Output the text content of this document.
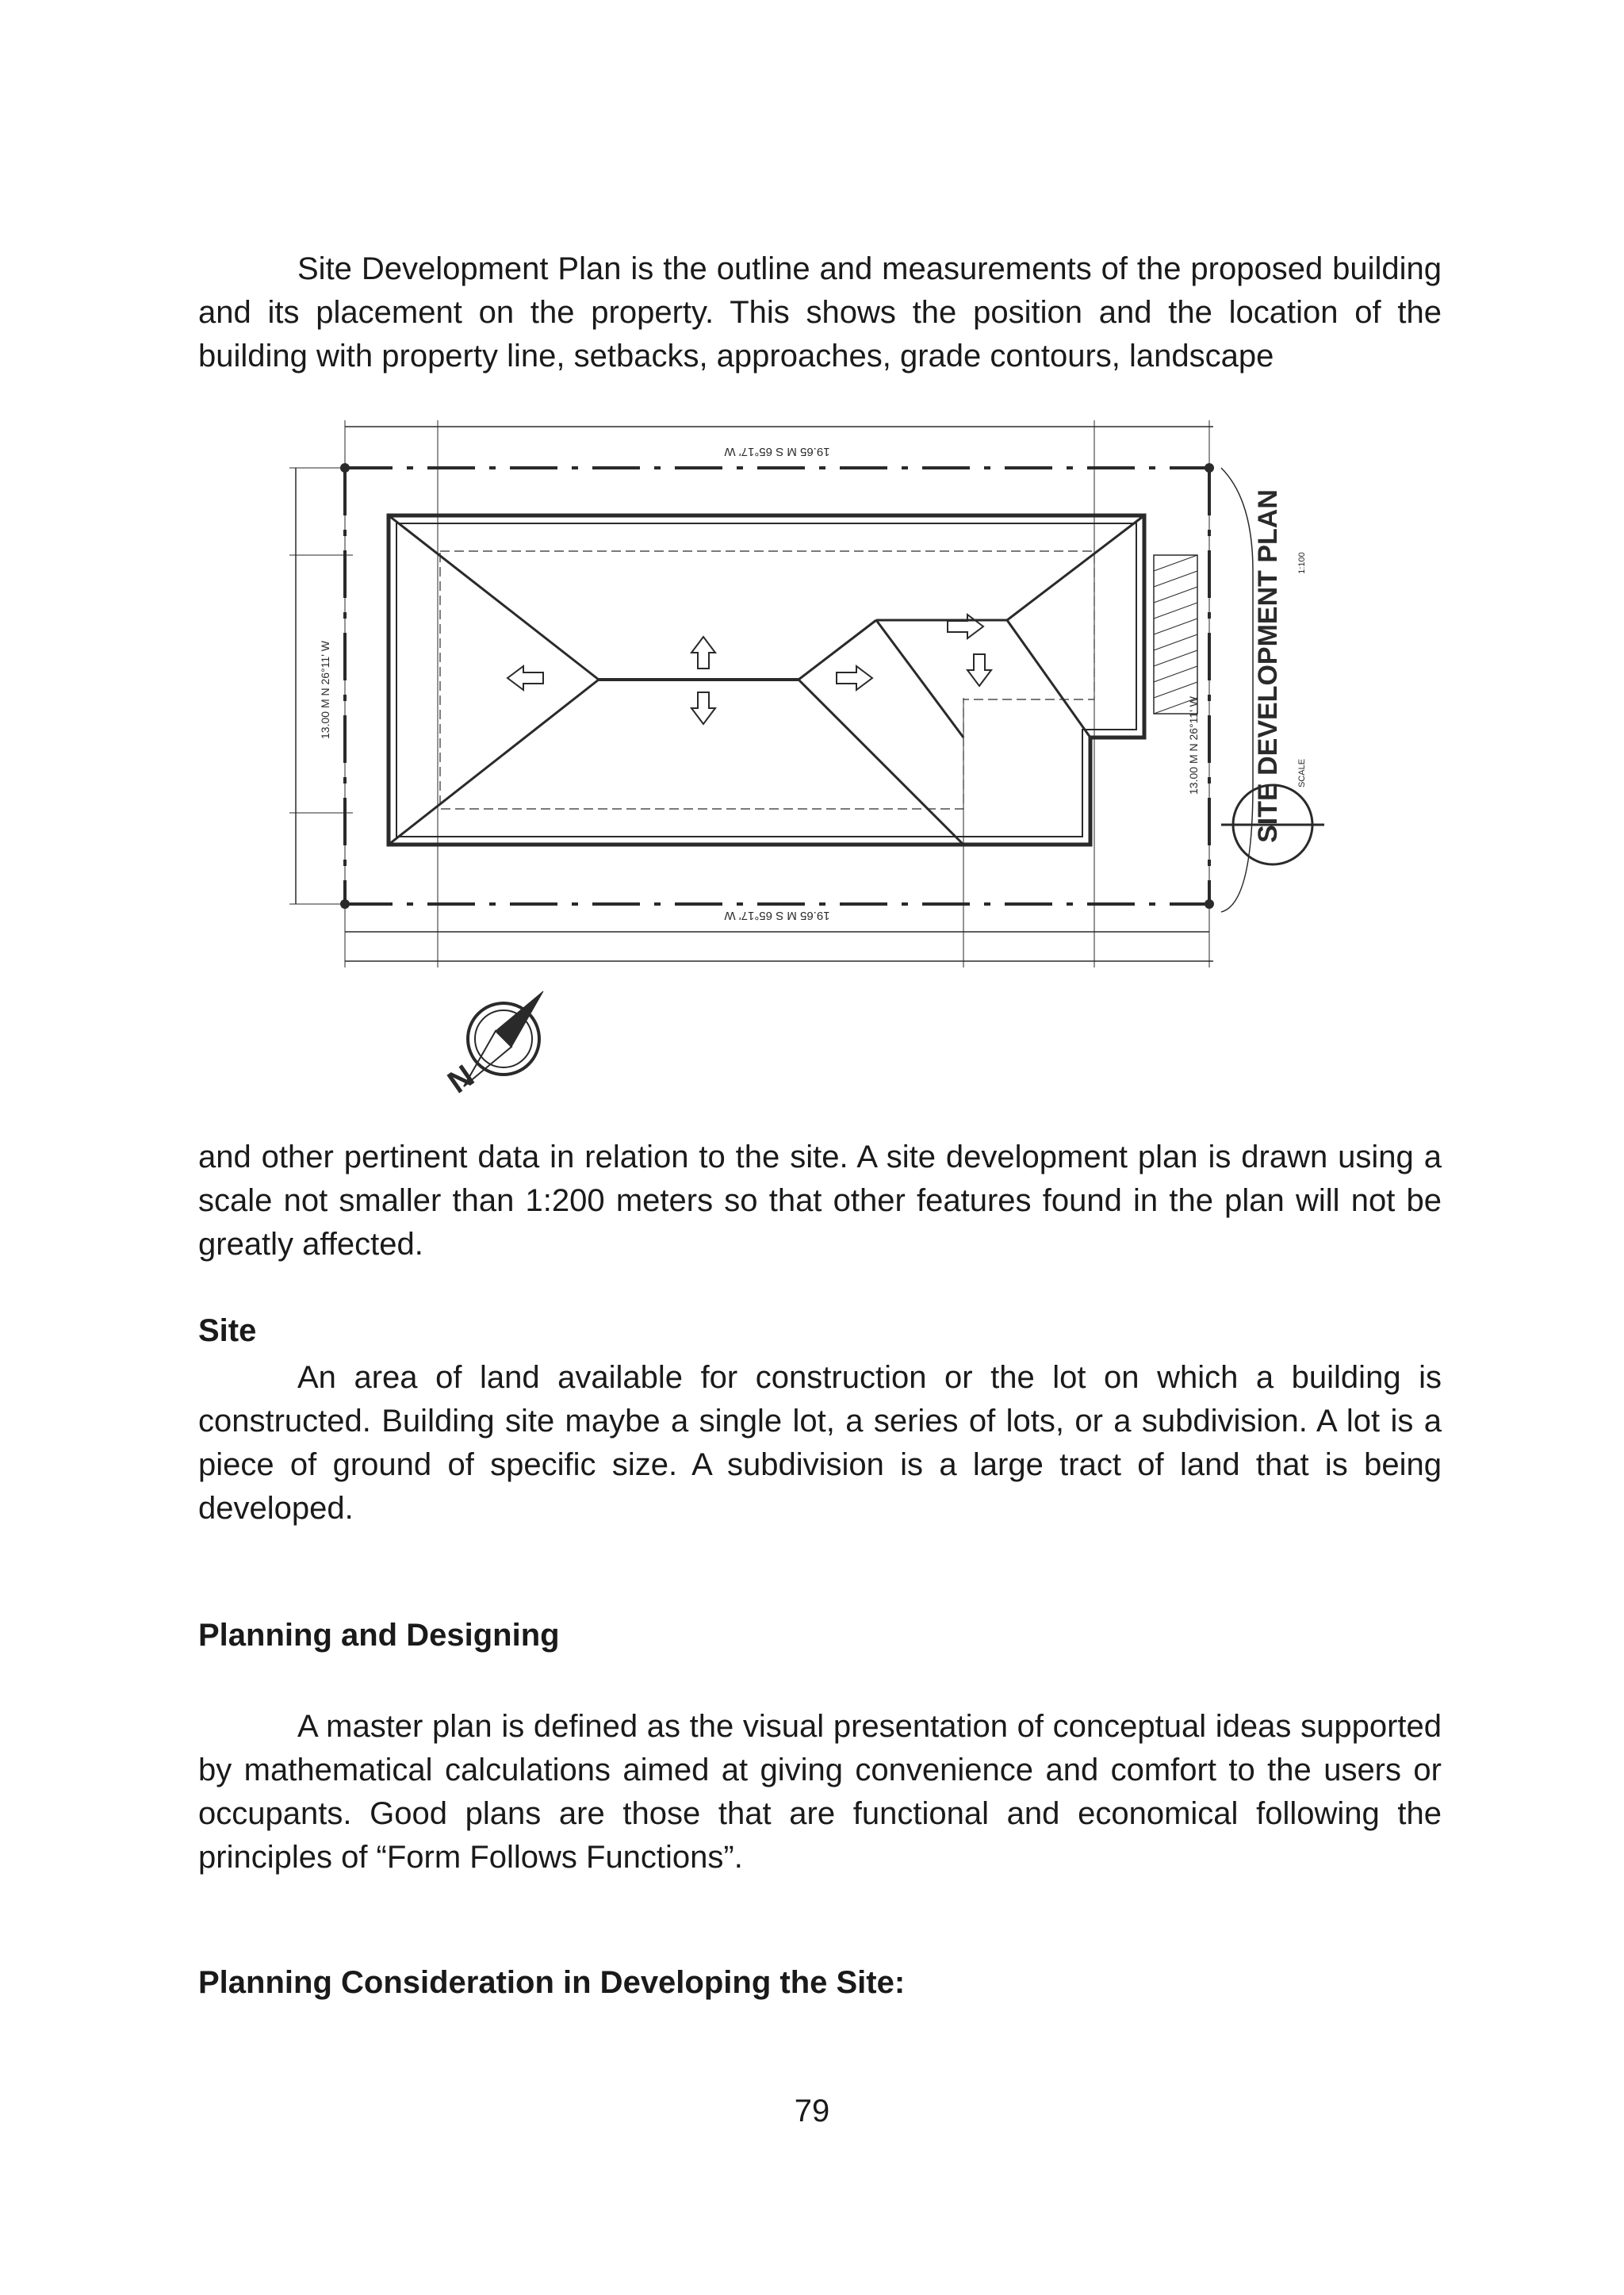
Site Development Plan is the outline and measurements of the proposed building and its placement on the property. This shows the position and the location of the building with property line, setbacks, approaches, grade contours, landscape

19.65 M S 65°17' W
19.65 M S 65°17' W
13.00 M N 26°11' W
13.00 M N 26°11' W SITE DEVELOPMENT PLAN SCALE
1:100
N

and other pertinent data in relation to the site. A site development plan is drawn using a scale not smaller than 1:200 meters so that other features found in the plan will not be greatly affected.

Site

An area of land available for construction or the lot on which a building is constructed. Building site maybe a single lot, a series of lots, or a subdivision. A lot is a piece of ground of specific size. A subdivision is a large tract of land that is being developed.

Planning and Designing

A master plan is defined as the visual presentation of conceptual ideas supported by mathematical calculations aimed at giving convenience and comfort to the users or occupants. Good plans are those that are functional and economical following the principles of “Form Follows Functions”.

Planning Consideration in Developing the Site:

79
